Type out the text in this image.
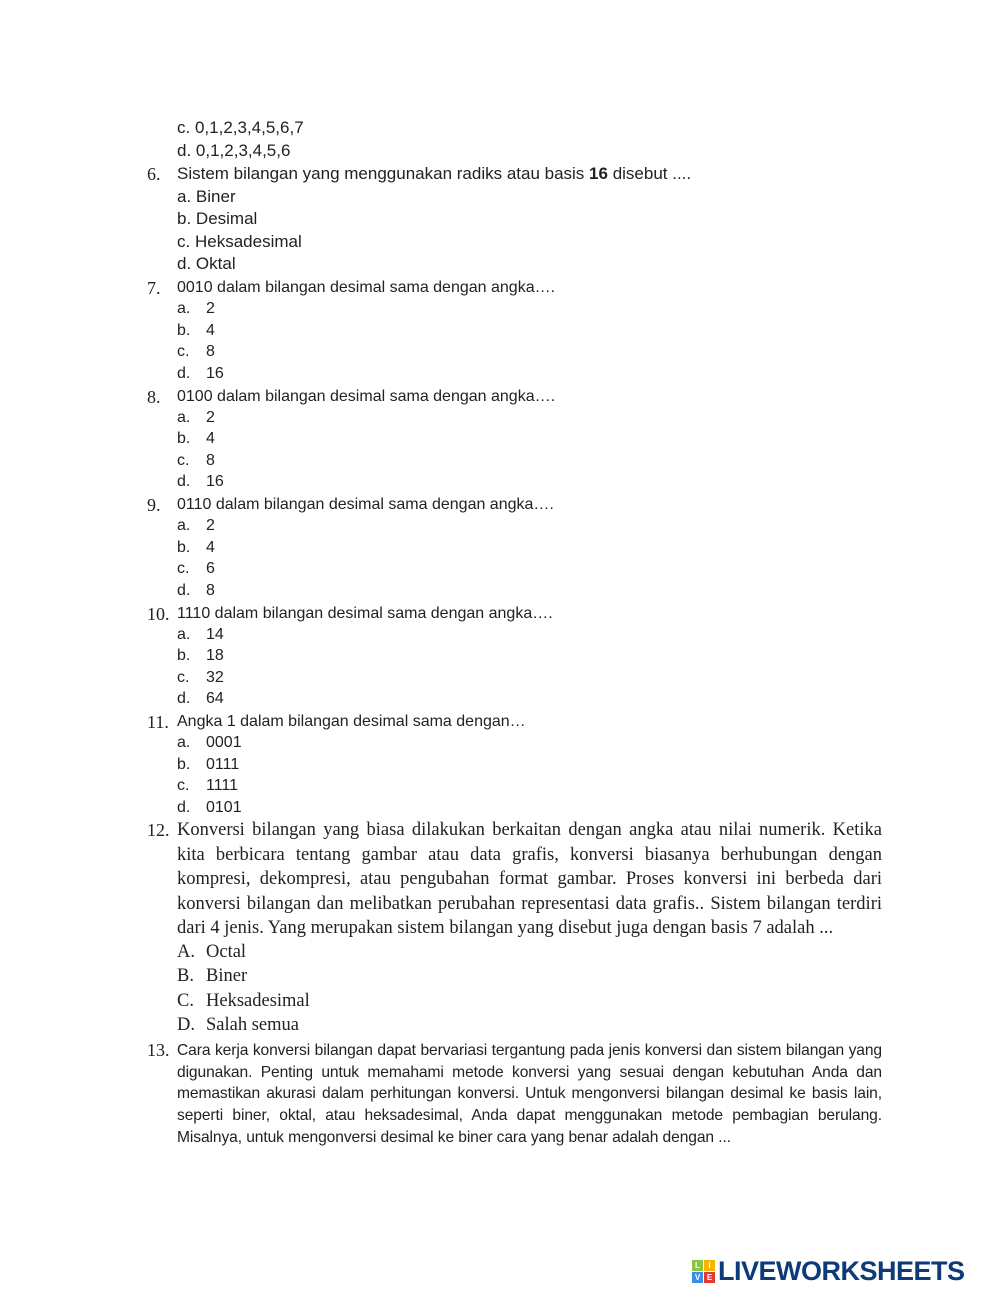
c. 0,1,2,3,4,5,6,7
d. 0,1,2,3,4,5,6
6. Sistem bilangan yang menggunakan radiks atau basis 16 disebut ....
a. Biner
b. Desimal
c. Heksadesimal
d. Oktal
7. 0010 dalam bilangan desimal sama dengan angka….
a. 2
b. 4
c. 8
d. 16
8. 0100 dalam bilangan desimal sama dengan angka….
a. 2
b. 4
c. 8
d. 16
9. 0110 dalam bilangan desimal sama dengan angka….
a. 2
b. 4
c. 6
d. 8
10. 1110 dalam bilangan desimal sama dengan angka….
a. 14
b. 18
c. 32
d. 64
11. Angka 1 dalam bilangan desimal sama dengan…
a. 0001
b. 0111
c. 1111
d. 0101
12. Konversi bilangan yang biasa dilakukan berkaitan dengan angka atau nilai numerik. Ketika kita berbicara tentang gambar atau data grafis, konversi biasanya berhubungan dengan kompresi, dekompresi, atau pengubahan format gambar. Proses konversi ini berbeda dari konversi bilangan dan melibatkan perubahan representasi data grafis.. Sistem bilangan terdiri dari 4 jenis. Yang merupakan sistem bilangan yang disebut juga dengan basis 7 adalah ...
A. Octal
B. Biner
C. Heksadesimal
D. Salah semua
13. Cara kerja konversi bilangan dapat bervariasi tergantung pada jenis konversi dan sistem bilangan yang digunakan. Penting untuk memahami metode konversi yang sesuai dengan kebutuhan Anda dan memastikan akurasi dalam perhitungan konversi. Untuk mengonversi bilangan desimal ke basis lain, seperti biner, oktal, atau heksadesimal, Anda dapat menggunakan metode pembagian berulang. Misalnya, untuk mengonversi desimal ke biner cara yang benar adalah dengan ...
L	I
V E LIVEWORKSHEETS
